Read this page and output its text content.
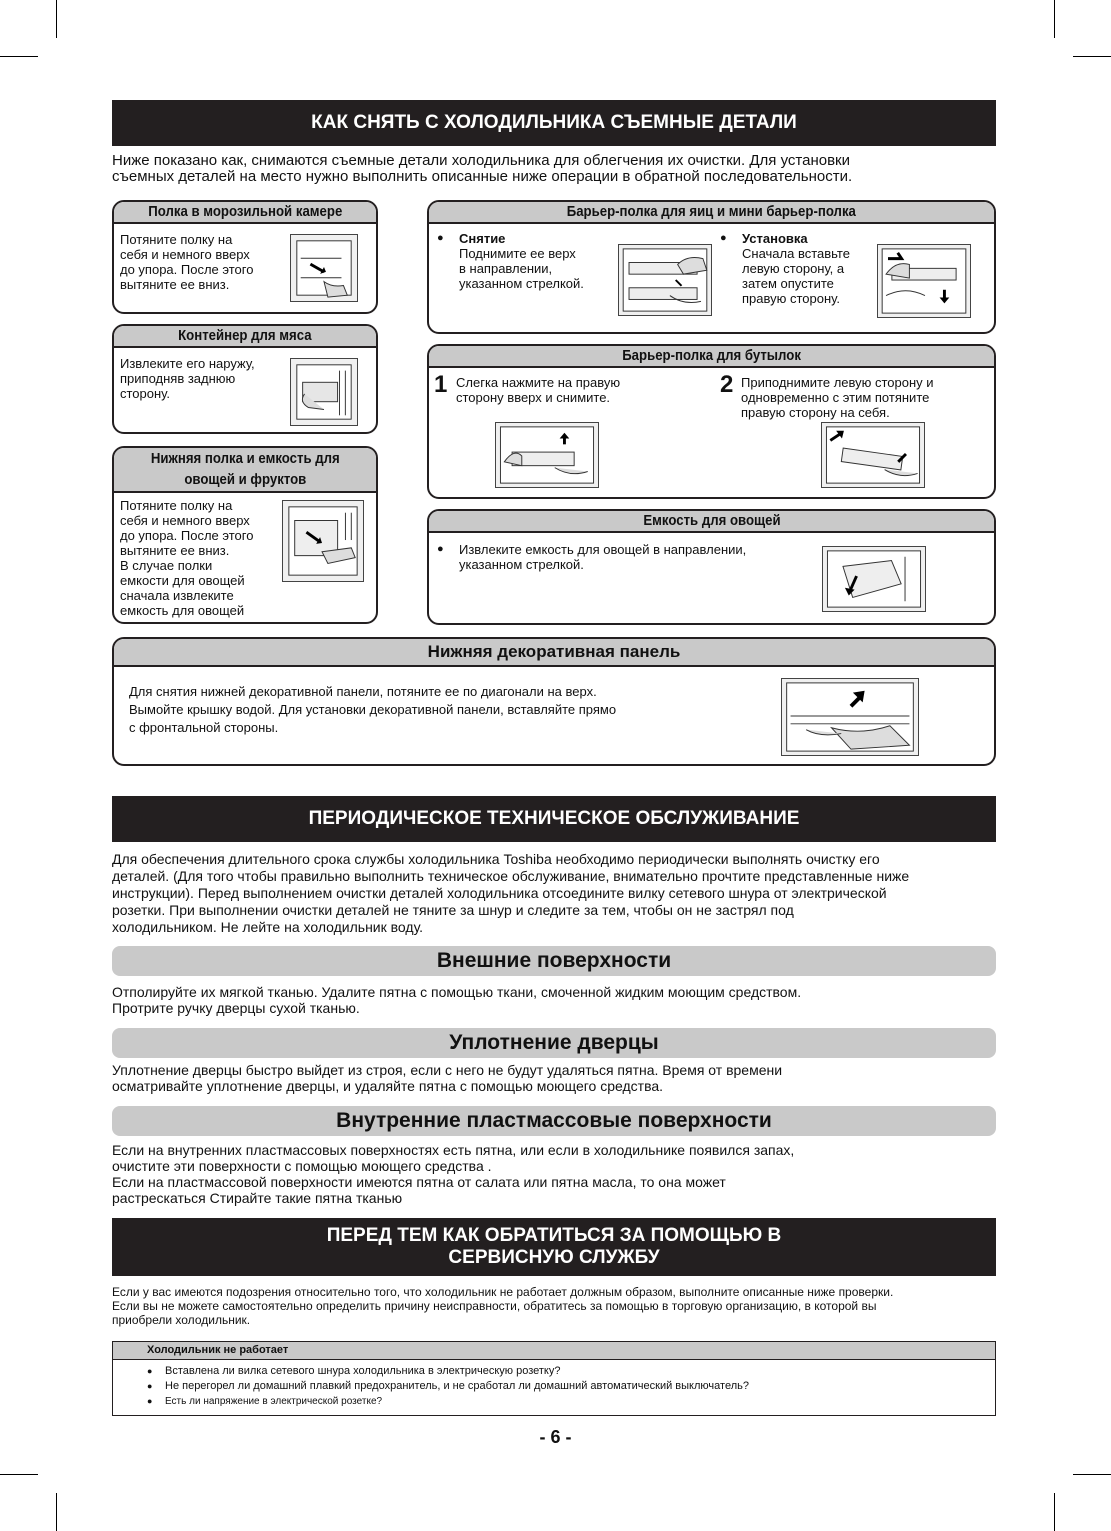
КАК СНЯТЬ С ХОЛОДИЛЬНИКА СЪЕМНЫЕ ДЕТАЛИ
Ниже показано как, снимаются съемные детали холодильника для облегчения их очистки. Для установки
съемных деталей на место нужно выполнить описанные ниже операции в обратной последовательности.
Полка в морозильной камере
Потяните полку на
себя и немного вверх
до упора. После этого
вытяните ее вниз.
Контейнер для мяса
Извлеките его наружу,
приподняв заднюю
сторону.
Нижняя полка и емкость для
овощей и фруктов
Потяните полку на
себя и немного вверх
до упора. После этого
вытяните ее вниз.
В случае полки
емкости для овощей
сначала извлеките
емкость для овощей
Барьер-полка для яиц и мини барьер-полка
● Снятие
Поднимите ее верх
в направлении,
указанном стрелкой.
● Установка
Сначала вставьте
левую сторону, а
затем опустите
правую сторону.
Барьер-полка для бутылок
1 Слегка нажмите на правую
сторону вверх и снимите.	2 Приподнимите левую сторону и
одновременно с этим потяните
правую сторону на себя.
Емкость для овощей
● Извлеките емкость для овощей в направлении,
указанном стрелкой.
Нижняя декоративная панель
Для снятия нижней декоративной панели, потяните ее по диагонали на верх.
Вымойте крышку водой. Для установки декоративной панели, вставляйте прямо
с фронтальной стороны.
ПЕРИОДИЧЕСКОЕ ТЕХНИЧЕСКОЕ ОБСЛУЖИВАНИЕ
Для обеспечения длительного срока службы холодильника Toshiba необходимо периодически выполнять очистку его
деталей. (Для того чтобы правильно выполнить техническое обслуживание, внимательно прочтите представленные ниже
инструкции). Перед выполнением очистки деталей холодильника отсоедините вилку сетевого шнура от электрической
розетки. При выполнении очистки деталей не тяните за шнур и следите за тем, чтобы он не застрял под
холодильником. Не лейте на холодильник воду.
Внешние поверхности
Отполируйте их мягкой тканью. Удалите пятна с помощью ткани, смоченной жидким моющим средством.
Протрите ручку дверцы сухой тканью.
Уплотнение дверцы
Уплотнение дверцы быстро выйдет из строя, если с него не будут удаляться пятна. Время от времени
осматривайте уплотнение дверцы, и удаляйте пятна с помощью моющего средства.
Внутренние пластмассовые поверхности
Если на внутренних пластмассовых поверхностях есть пятна, или если в холодильнике появился запах,
очистите эти поверхности с помощью моющего средства .
Если на пластмассовой поверхности имеются пятна от салата или пятна масла, то она может
растрескаться Стирайте такие пятна тканью
ПЕРЕД ТЕМ КАК ОБРАТИТЬСЯ ЗА ПОМОЩЬЮ В
СЕРВИСНУЮ СЛУЖБУ
Если у вас имеются подозрения относительно того, что холодильник не работает должным образом, выполните описанные ниже проверки.
Если вы не можете самостоятельно определить причину неисправности, обратитесь за помощью в торговую организацию, в которой вы
приобрели холодильник.
Холодильник не работает
● Вставлена ли вилка сетевого шнура холодильника в электрическую розетку?
● Не перегорел ли домашний плавкий предохранитель, и не сработал ли домашний автоматический выключатель?
● Есть ли напряжение в электрической розетке?
- 6 -
